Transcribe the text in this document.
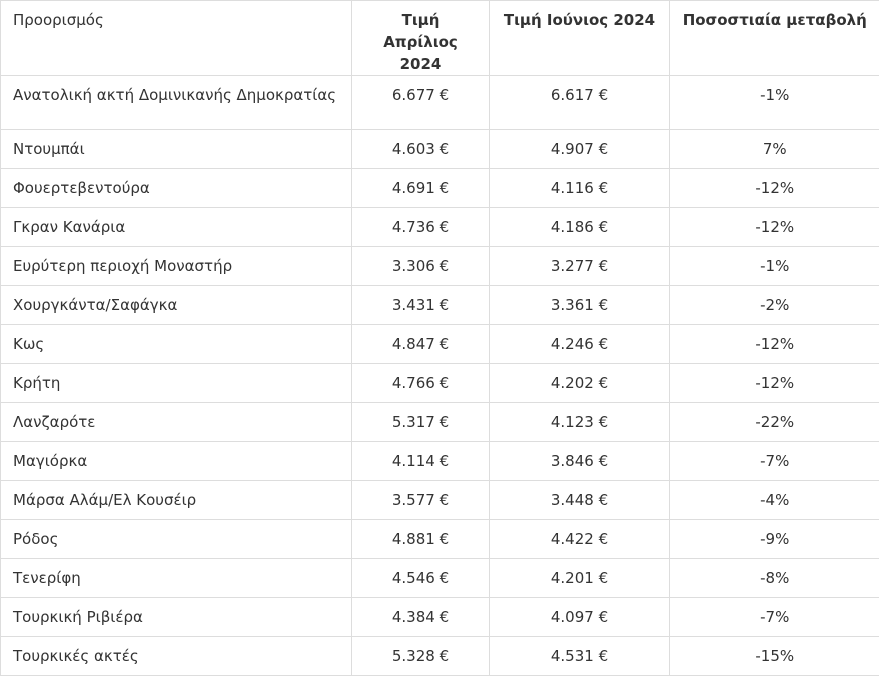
Προορισμός	Τιμή Απρίλιος 2024	Τιμή Ιούνιος 2024	Ποσοστιαία μεταβολή
Ανατολική ακτή Δομινικανής Δημοκρατίας	6.677 €	6.617 €	-1%
Ντουμπάι	4.603 €	4.907 €	7%
Φουερτεβεντούρα	4.691 €	4.116 €	-12%
Γκραν Κανάρια	4.736 €	4.186 €	-12%
Ευρύτερη περιοχή Μοναστήρ	3.306 €	3.277 €	-1%
Χουργκάντα/Σαφάγκα	3.431 €	3.361 €	-2%
Κως	4.847 €	4.246 €	-12%
Κρήτη	4.766 €	4.202 €	-12%
Λανζαρότε	5.317 €	4.123 €	-22%
Μαγιόρκα	4.114 €	3.846 €	-7%
Μάρσα Αλάμ/Ελ Κουσέιρ	3.577 €	3.448 €	-4%
Ρόδος	4.881 €	4.422 €	-9%
Τενερίφη	4.546 €	4.201 €	-8%
Τουρκική Ριβιέρα	4.384 €	4.097 €	-7%
Τουρκικές ακτές	5.328 €	4.531 €	-15%
